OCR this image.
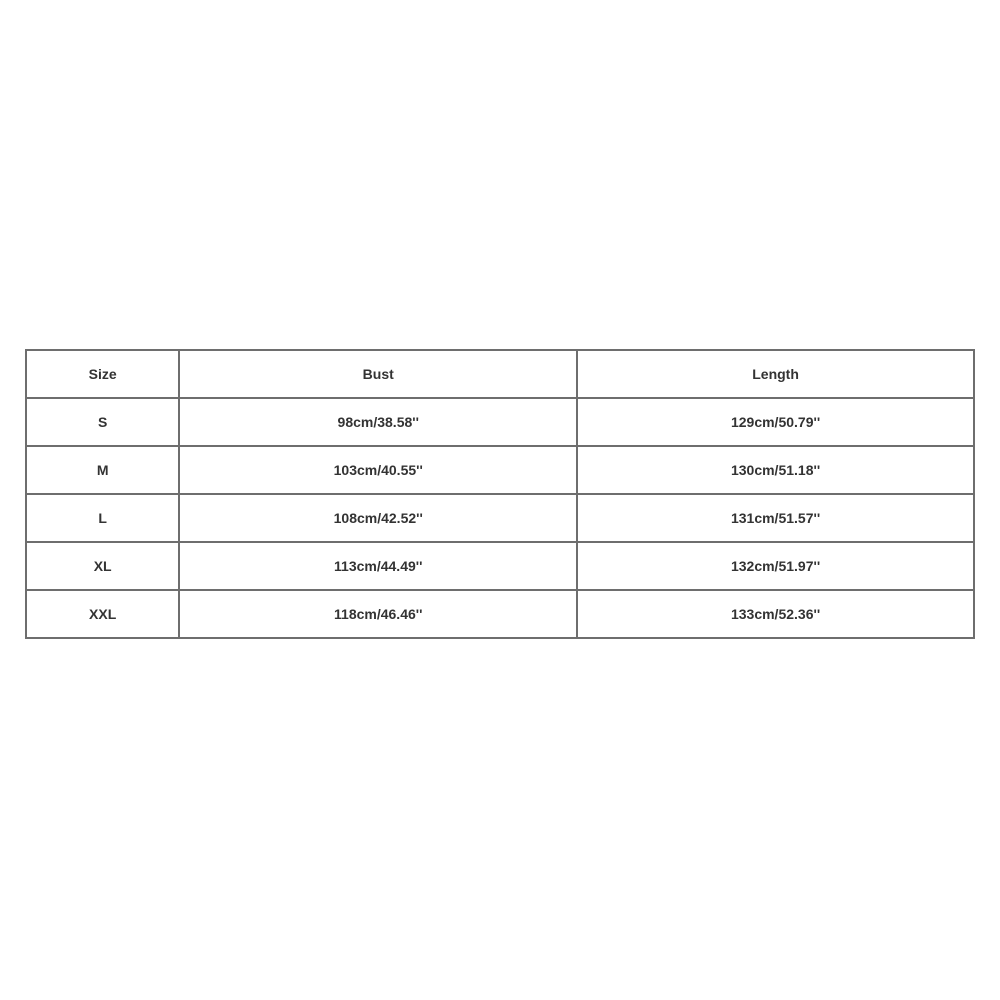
Size	Bust	Length
S	98cm/38.58''	129cm/50.79''
M	103cm/40.55''	130cm/51.18''
L	108cm/42.52''	131cm/51.57''
XL	113cm/44.49''	132cm/51.97''
XXL	118cm/46.46''	133cm/52.36''
